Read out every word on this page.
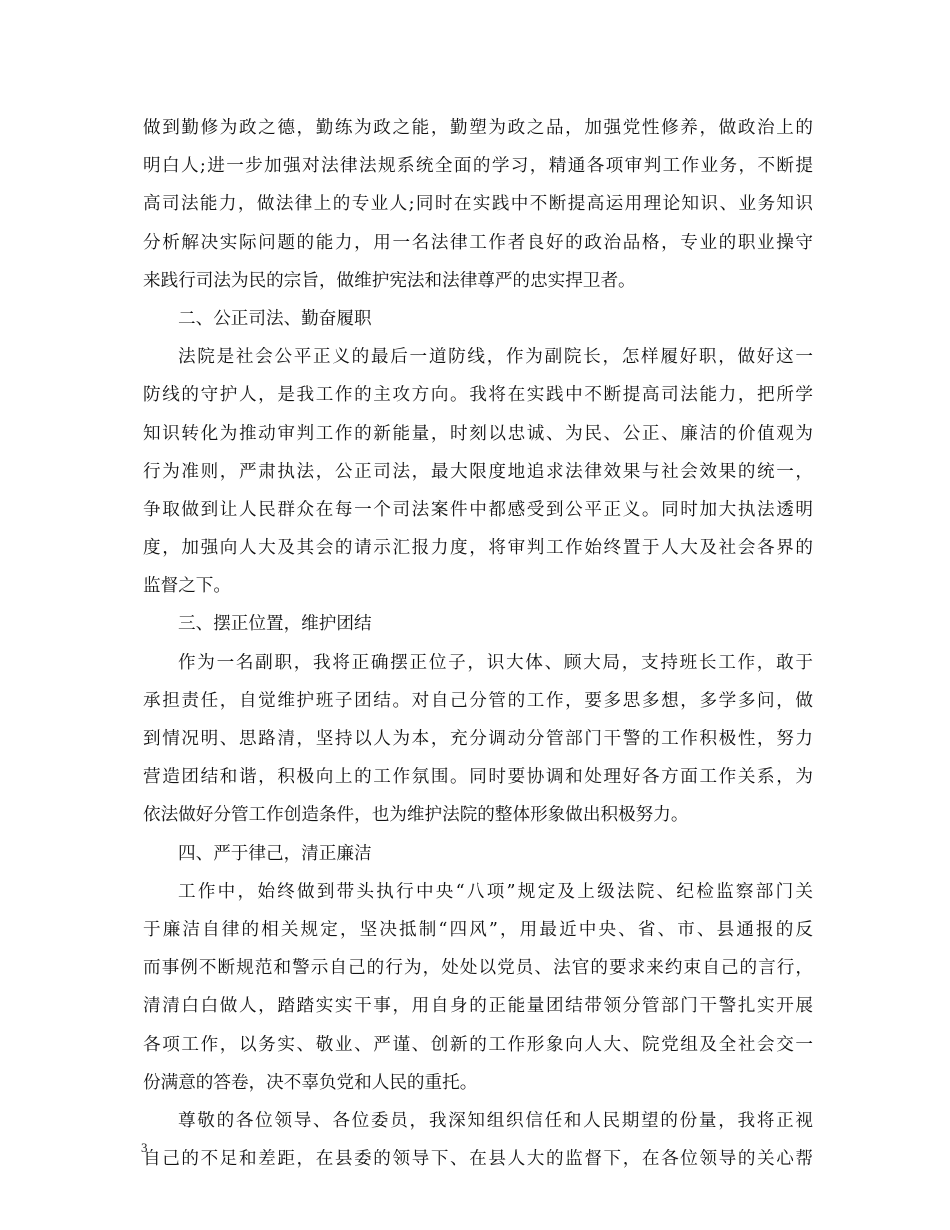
做到勤修为政之德，勤练为政之能，勤塑为政之品，加强党性修养，做政治上的
明白人;进一步加强对法律法规系统全面的学习，精通各项审判工作业务，不断提
高司法能力，做法律上的专业人;同时在实践中不断提高运用理论知识、业务知识
分析解决实际问题的能力，用一名法律工作者良好的政治品格，专业的职业操守
来践行司法为民的宗旨，做维护宪法和法律尊严的忠实捍卫者。
二、公正司法、勤奋履职
法院是社会公平正义的最后一道防线，作为副院长，怎样履好职，做好这一
防线的守护人，是我工作的主攻方向。我将在实践中不断提高司法能力，把所学
知识转化为推动审判工作的新能量，时刻以忠诚、为民、公正、廉洁的价值观为
行为准则，严肃执法，公正司法，最大限度地追求法律效果与社会效果的统一，
争取做到让人民群众在每一个司法案件中都感受到公平正义。同时加大执法透明
度，加强向人大及其会的请示汇报力度，将审判工作始终置于人大及社会各界的
监督之下。
三、摆正位置，维护团结
作为一名副职，我将正确摆正位子，识大体、顾大局，支持班长工作，敢于
承担责任，自觉维护班子团结。对自己分管的工作，要多思多想，多学多问，做
到情况明、思路清，坚持以人为本，充分调动分管部门干警的工作积极性，努力
营造团结和谐，积极向上的工作氛围。同时要协调和处理好各方面工作关系，为
依法做好分管工作创造条件，也为维护法院的整体形象做出积极努力。
四、严于律己，清正廉洁
工作中，始终做到带头执行中央“八项”规定及上级法院、纪检监察部门关
于廉洁自律的相关规定，坚决抵制“四风”，用最近中央、省、市、县通报的反
而事例不断规范和警示自己的行为，处处以党员、法官的要求来约束自己的言行，
清清白白做人，踏踏实实干事，用自身的正能量团结带领分管部门干警扎实开展
各项工作，以务实、敬业、严谨、创新的工作形象向人大、院党组及全社会交一
份满意的答卷，决不辜负党和人民的重托。
尊敬的各位领导、各位委员，我深知组织信任和人民期望的份量，我将正视
自己的不足和差距，在县委的领导下、在县人大的监督下，在各位领导的关心帮
3
